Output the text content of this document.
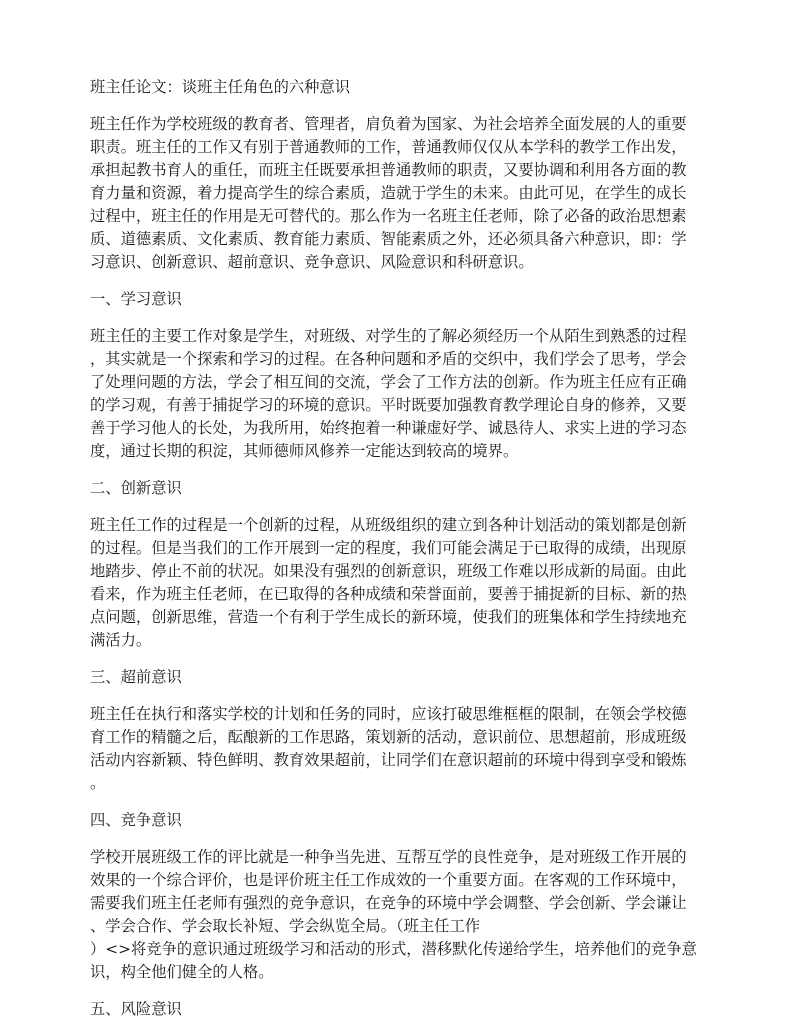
班主任论文：谈班主任角色的六种意识
班主任作为学校班级的教育者、管理者，肩负着为国家、为社会培养全面发展的人的重要
职责。班主任的工作又有别于普通教师的工作，普通教师仅仅从本学科的教学工作出发，
承担起教书育人的重任，而班主任既要承担普通教师的职责，又要协调和利用各方面的教
育力量和资源，着力提高学生的综合素质，造就于学生的未来。由此可见，在学生的成长
过程中，班主任的作用是无可替代的。那么作为一名班主任老师，除了必备的政治思想素
质、道德素质、文化素质、教育能力素质、智能素质之外，还必须具备六种意识，即：学
习意识、创新意识、超前意识、竞争意识、风险意识和科研意识。
一、学习意识
班主任的主要工作对象是学生，对班级、对学生的了解必须经历一个从陌生到熟悉的过程
，其实就是一个探索和学习的过程。在各种问题和矛盾的交织中，我们学会了思考，学会
了处理问题的方法，学会了相互间的交流，学会了工作方法的创新。作为班主任应有正确
的学习观，有善于捕捉学习的环境的意识。平时既要加强教育教学理论自身的修养，又要
善于学习他人的长处，为我所用，始终抱着一种谦虚好学、诚恳待人、求实上进的学习态
度，通过长期的积淀，其师德师风修养一定能达到较高的境界。
二、创新意识
班主任工作的过程是一个创新的过程，从班级组织的建立到各种计划活动的策划都是创新
的过程。但是当我们的工作开展到一定的程度，我们可能会满足于已取得的成绩，出现原
地踏步、停止不前的状况。如果没有强烈的创新意识，班级工作难以形成新的局面。由此
看来，作为班主任老师，在已取得的各种成绩和荣誉面前，要善于捕捉新的目标、新的热
点问题，创新思维，营造一个有利于学生成长的新环境，使我们的班集体和学生持续地充
满活力。
三、超前意识
班主任在执行和落实学校的计划和任务的同时，应该打破思维框框的限制，在领会学校德
育工作的精髓之后，酝酿新的工作思路，策划新的活动，意识前位、思想超前，形成班级
活动内容新颖、特色鲜明、教育效果超前，让同学们在意识超前的环境中得到享受和锻炼
。
四、竞争意识
学校开展班级工作的评比就是一种争当先进、互帮互学的良性竞争，是对班级工作开展的
效果的一个综合评价，也是评价班主任工作成效的一个重要方面。在客观的工作环境中，
需要我们班主任老师有强烈的竞争意识，在竞争的环境中学会调整、学会创新、学会谦让
、学会合作、学会取长补短、学会纵览全局。（班主任工作
）<>将竞争的意识通过班级学习和活动的形式，潜移默化传递给学生，培养他们的竞争意
识，构全他们健全的人格。
五、风险意识
